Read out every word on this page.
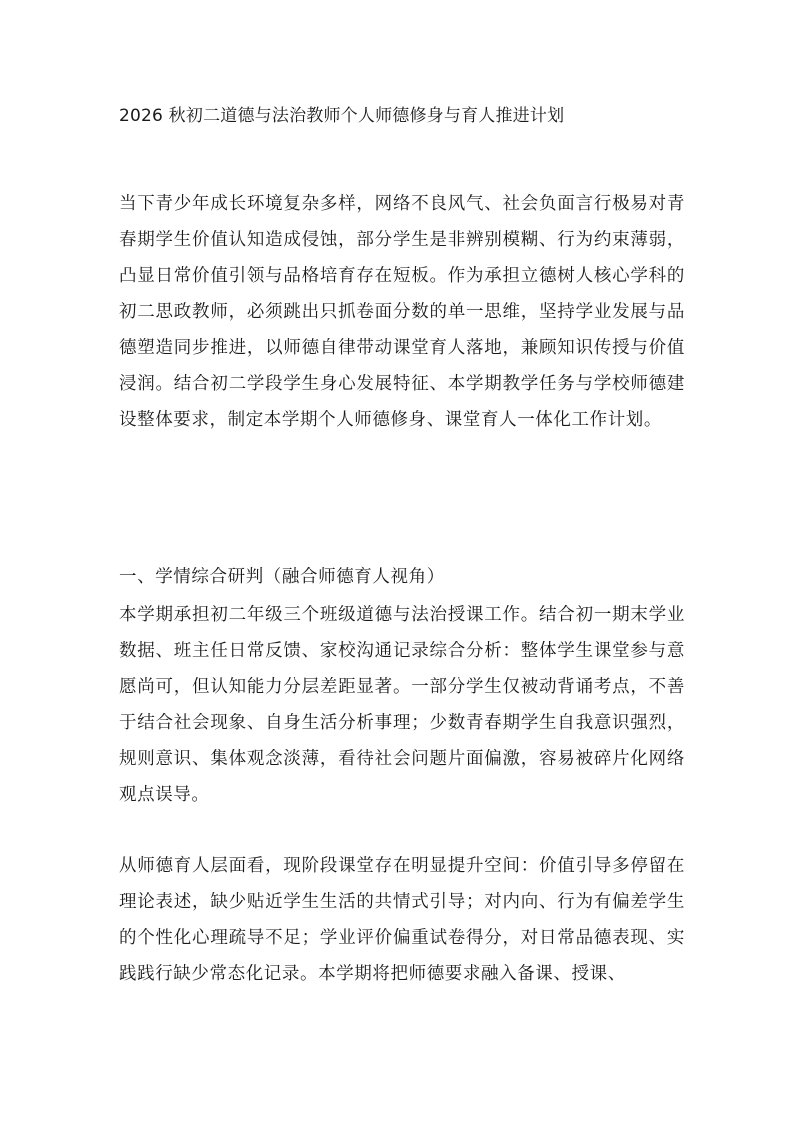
2026 秋初二道德与法治教师个人师德修身与育人推进计划

当下青少年成长环境复杂多样，网络不良风气、社会负面言行极易对青春期学生价值认知造成侵蚀，部分学生是非辨别模糊、行为约束薄弱，凸显日常价值引领与品格培育存在短板。作为承担立德树人核心学科的初二思政教师，必须跳出只抓卷面分数的单一思维，坚持学业发展与品德塑造同步推进，以师德自律带动课堂育人落地，兼顾知识传授与价值浸润。结合初二学段学生身心发展特征、本学期教学任务与学校师德建设整体要求，制定本学期个人师德修身、课堂育人一体化工作计划。

一、学情综合研判（融合师德育人视角）

本学期承担初二年级三个班级道德与法治授课工作。结合初一期末学业数据、班主任日常反馈、家校沟通记录综合分析：整体学生课堂参与意愿尚可，但认知能力分层差距显著。一部分学生仅被动背诵考点，不善于结合社会现象、自身生活分析事理；少数青春期学生自我意识强烈，规则意识、集体观念淡薄，看待社会问题片面偏激，容易被碎片化网络观点误导。

从师德育人层面看，现阶段课堂存在明显提升空间：价值引导多停留在理论表述，缺少贴近学生生活的共情式引导；对内向、行为有偏差学生的个性化心理疏导不足；学业评价偏重试卷得分，对日常品德表现、实践践行缺少常态化记录。本学期将把师德要求融入备课、授课、
